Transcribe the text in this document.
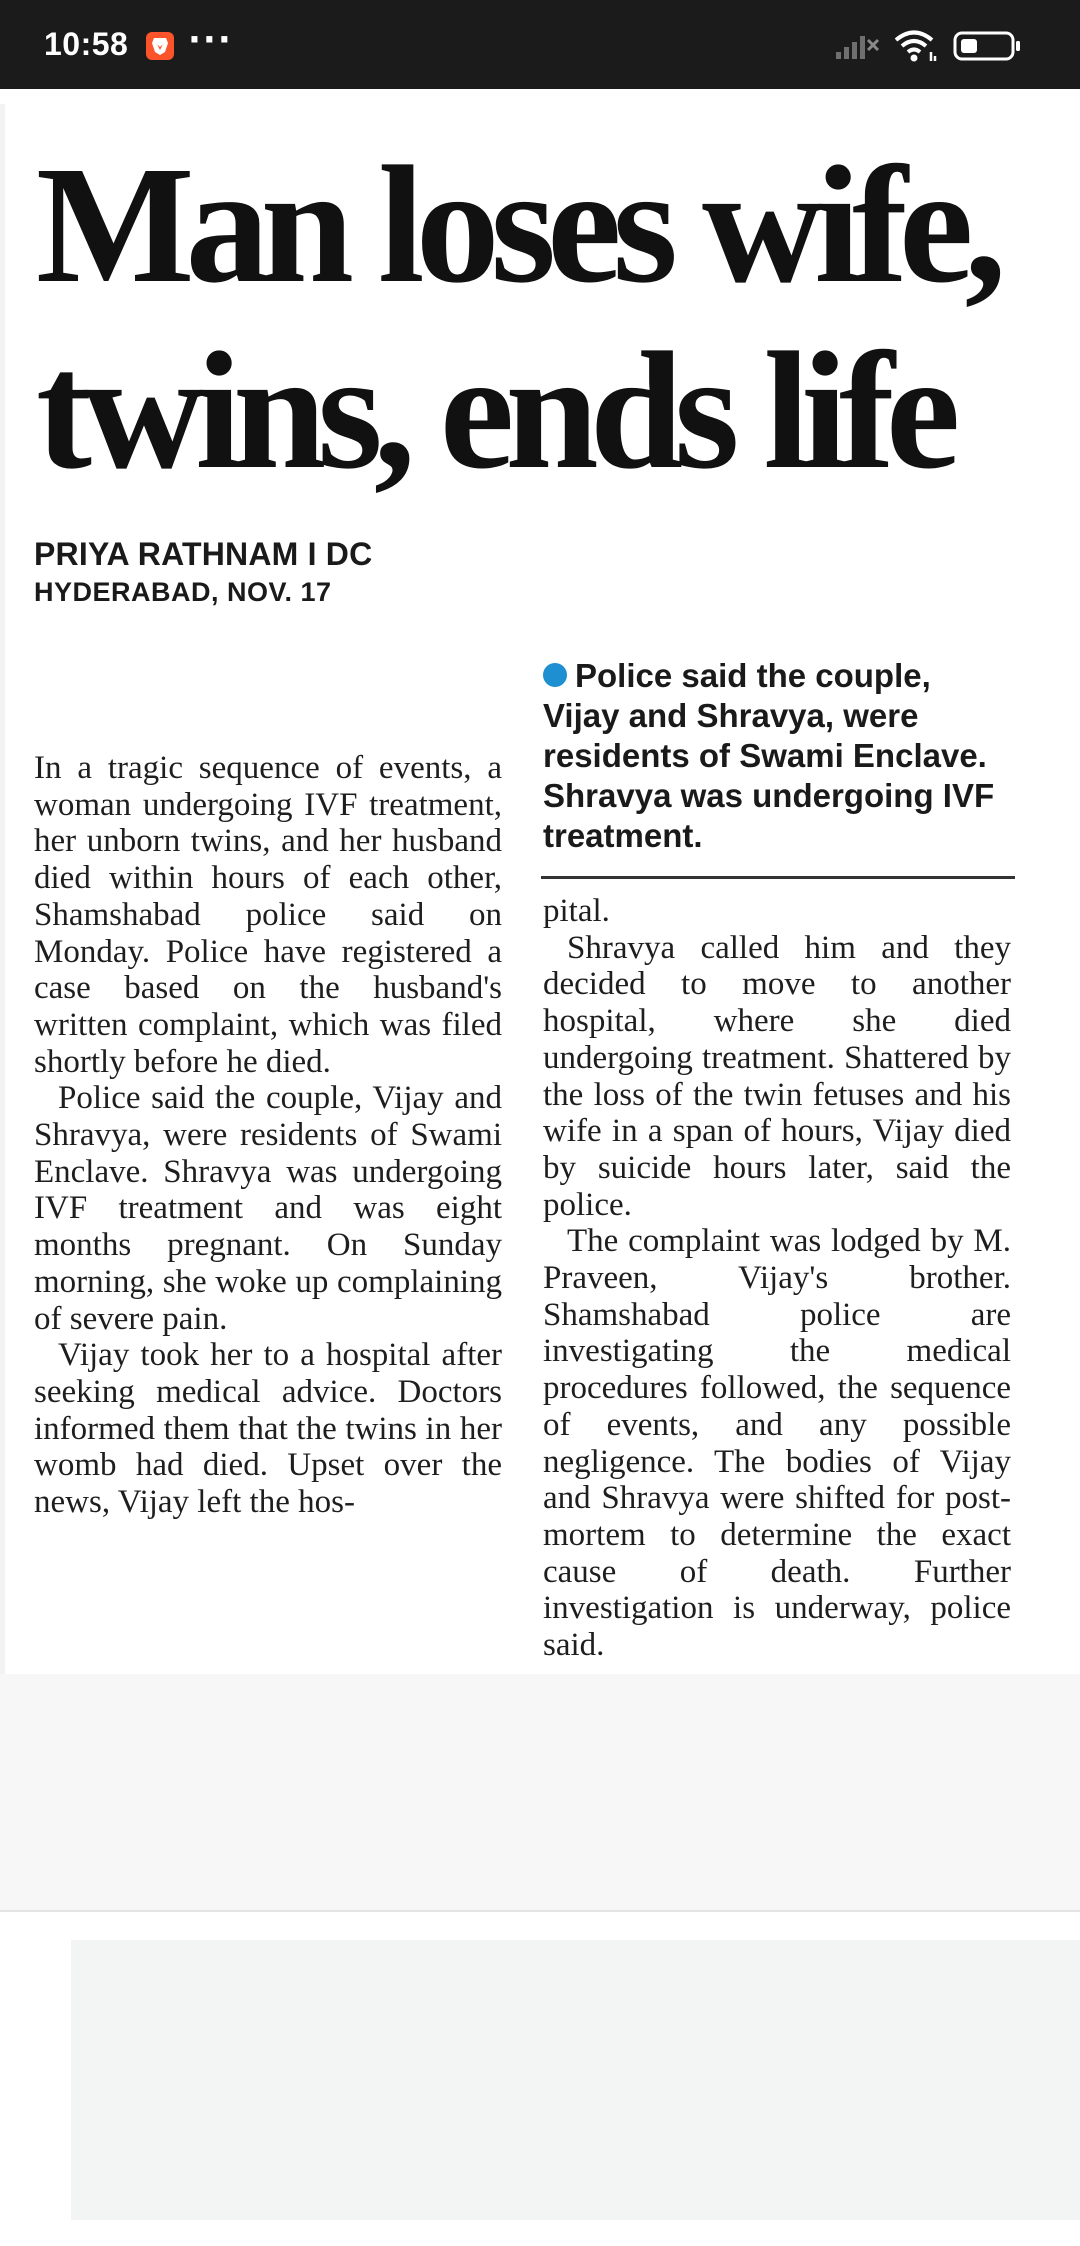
10:58 ···
Man loses wife, twins, ends life
PRIYA RATHNAM I DC
HYDERABAD, NOV. 17

In a tragic sequence of events, a woman undergoing IVF treatment, her unborn twins, and her husband died within hours of each other, Shamshabad police said on Monday. Police have registered a case based on the husband's written complaint, which was filed shortly before he died.

Police said the couple, Vijay and Shravya, were residents of Swami Enclave. Shravya was undergoing IVF treatment and was eight months pregnant. On Sunday morning, she woke up complaining of severe pain.

Vijay took her to a hospital after seeking medical advice. Doctors informed them that the twins in her womb had died. Upset over the news, Vijay left the hos-

Police said the couple, Vijay and Shravya, were residents of Swami Enclave. Shravya was undergoing IVF treatment.

pital.

Shravya called him and they decided to move to another hospital, where she died undergoing treatment. Shattered by the loss of the twin fetuses and his wife in a span of hours, Vijay died by suicide hours later, said the police.

The complaint was lodged by M. Praveen, Vijay's brother. Shamshabad police are investigating the medical procedures followed, the sequence of events, and any possible negligence. The bodies of Vijay and Shravya were shifted for post-mortem to determine the exact cause of death. Further investigation is underway, police said.
